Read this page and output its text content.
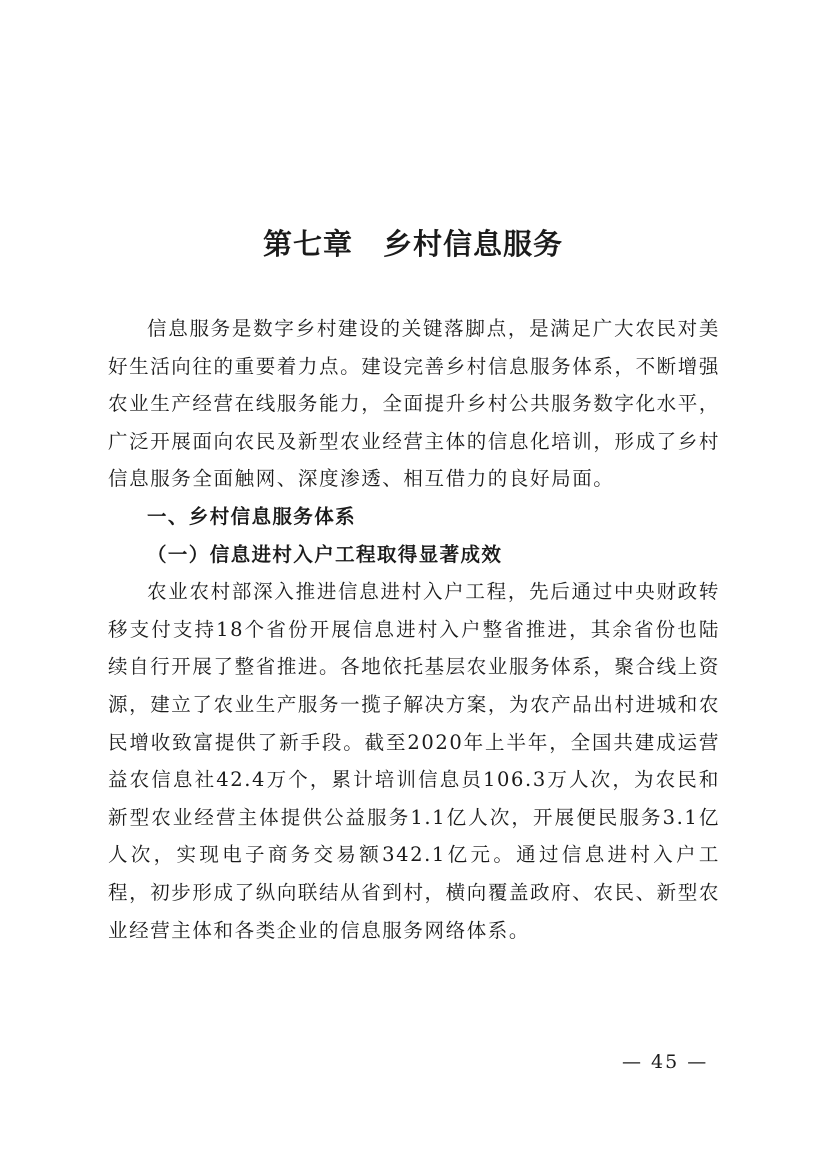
第七章 乡村信息服务

信息服务是数字乡村建设的关键落脚点，是满足广大农民对美好生活向往的重要着力点。建设完善乡村信息服务体系，不断增强农业生产经营在线服务能力，全面提升乡村公共服务数字化水平，广泛开展面向农民及新型农业经营主体的信息化培训，形成了乡村信息服务全面触网、深度渗透、相互借力的良好局面。

一、乡村信息服务体系

（一）信息进村入户工程取得显著成效

农业农村部深入推进信息进村入户工程，先后通过中央财政转移支付支持18个省份开展信息进村入户整省推进，其余省份也陆续自行开展了整省推进。各地依托基层农业服务体系，聚合线上资源，建立了农业生产服务一揽子解决方案，为农产品出村进城和农民增收致富提供了新手段。截至2020年上半年，全国共建成运营益农信息社42.4万个，累计培训信息员106.3万人次，为农民和新型农业经营主体提供公益服务1.1亿人次，开展便民服务3.1亿人次，实现电子商务交易额342.1亿元。通过信息进村入户工程，初步形成了纵向联结从省到村，横向覆盖政府、农民、新型农业经营主体和各类企业的信息服务网络体系。

— 45 —
